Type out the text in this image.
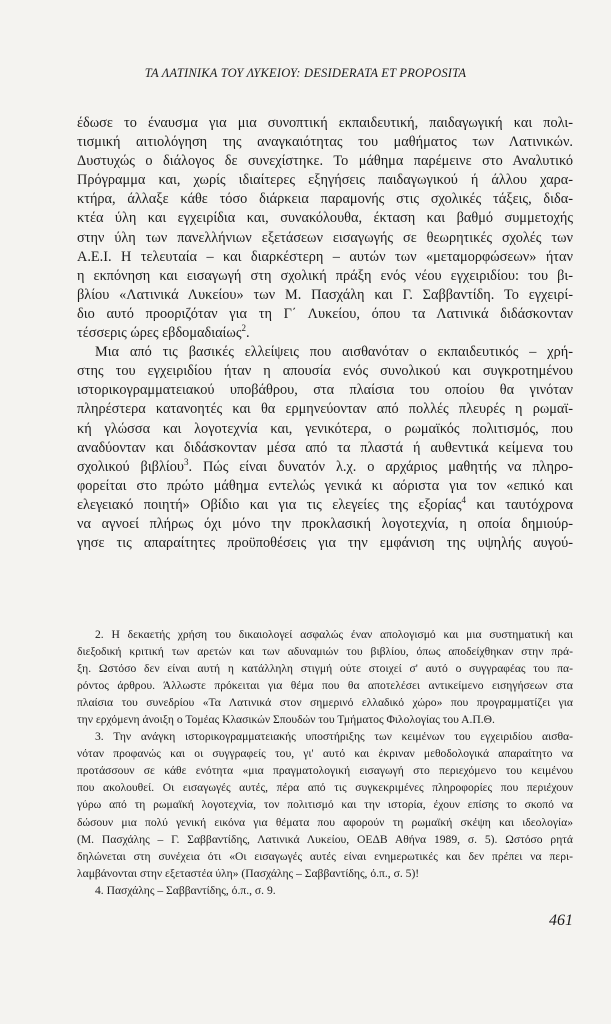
ΤΑ ΛΑΤΙΝΙΚΑ ΤΟΥ ΛΥΚΕΙΟΥ: DESIDERATA ET PROPOSITA
έδωσε το έναυσμα για μια συνοπτική εκπαιδευτική, παιδαγωγική και πολι-
τισμική αιτιολόγηση της αναγκαιότητας του μαθήματος των Λατινικών.
Δυστυχώς ο διάλογος δε συνεχίστηκε. Το μάθημα παρέμεινε στο Αναλυτικό
Πρόγραμμα και, χωρίς ιδιαίτερες εξηγήσεις παιδαγωγικού ή άλλου χαρα-
κτήρα, άλλαξε κάθε τόσο διάρκεια παραμονής στις σχολικές τάξεις, διδα-
κτέα ύλη και εγχειρίδια και, συνακόλουθα, έκταση και βαθμό συμμετοχής
στην ύλη των πανελλήνιων εξετάσεων εισαγωγής σε θεωρητικές σχολές των
Α.Ε.Ι. Η τελευταία – και διαρκέστερη – αυτών των «μεταμορφώσεων» ήταν
η εκπόνηση και εισαγωγή στη σχολική πράξη ενός νέου εγχειριδίου: του βι-
βλίου «Λατινικά Λυκείου» των Μ. Πασχάλη και Γ. Σαββαντίδη. Το εγχειρί-
διο αυτό προοριζόταν για τη Γ΄ Λυκείου, όπου τα Λατινικά διδάσκονταν
τέσσερις ώρες εβδομαδιαίως$^2$.
Μια από τις βασικές ελλείψεις που αισθανόταν ο εκπαιδευτικός – χρή-
στης του εγχειριδίου ήταν η απουσία ενός συνολικού και συγκροτημένου
ιστορικογραμματειακού υποβάθρου, στα πλαίσια του οποίου θα γινόταν
πληρέστερα κατανοητές και θα ερμηνεύονταν από πολλές πλευρές η ρωμαϊ-
κή γλώσσα και λογοτεχνία και, γενικότερα, ο ρωμαϊκός πολιτισμός, που
αναδύονταν και διδάσκονταν μέσα από τα πλαστά ή αυθεντικά κείμενα του
σχολικού βιβλίου$^3$. Πώς είναι δυνατόν λ.χ. ο αρχάριος μαθητής να πληρο-
φορείται στο πρώτο μάθημα εντελώς γενικά κι αόριστα για τον «επικό και
ελεγειακό ποιητή» Οβίδιο και για τις ελεγείες της εξορίας$^4$ και ταυτόχρονα
να αγνοεί πλήρως όχι μόνο την προκλασική λογοτεχνία, η οποία δημιούρ-
γησε τις απαραίτητες προϋποθέσεις για την εμφάνιση της υψηλής αυγού-
2. Η δεκαετής χρήση του δικαιολογεί ασφαλώς έναν απολογισμό και μια συστηματική και
διεξοδική κριτική των αρετών και των αδυναμιών του βιβλίου, όπως αποδείχθηκαν στην πρά-
ξη. Ωστόσο δεν είναι αυτή η κατάλληλη στιγμή ούτε στοιχεί σ' αυτό ο συγγραφέας του πα-
ρόντος άρθρου. Άλλωστε πρόκειται για θέμα που θα αποτελέσει αντικείμενο εισηγήσεων στα
πλαίσια του συνεδρίου «Τα Λατινικά στον σημερινό ελλαδικό χώρο» που προγραμματίζει για
την ερχόμενη άνοιξη ο Τομέας Κλασικών Σπουδών του Τμήματος Φιλολογίας του Α.Π.Θ.
3. Την ανάγκη ιστορικογραμματειακής υποστήριξης των κειμένων του εγχειριδίου αισθα-
νόταν προφανώς και οι συγγραφείς του, γι' αυτό και έκριναν μεθοδολογικά απαραίτητο να
προτάσσουν σε κάθε ενότητα «μια πραγματολογική εισαγωγή στο περιεχόμενο του κειμένου
που ακολουθεί. Οι εισαγωγές αυτές, πέρα από τις συγκεκριμένες πληροφορίες που περιέχουν
γύρω από τη ρωμαϊκή λογοτεχνία, τον πολιτισμό και την ιστορία, έχουν επίσης το σκοπό να
δώσουν μια πολύ γενική εικόνα για θέματα που αφορούν τη ρωμαϊκή σκέψη και ιδεολογία»
(Μ. Πασχάλης – Γ. Σαββαντίδης, Λατινικά Λυκείου, ΟΕΔΒ Αθήνα 1989, σ. 5). Ωστόσο ρητά
δηλώνεται στη συνέχεια ότι «Οι εισαγωγές αυτές είναι ενημερωτικές και δεν πρέπει να περι-
λαμβάνονται στην εξεταστέα ύλη» (Πασχάλης – Σαββαντίδης, ό.π., σ. 5)!
4. Πασχάλης – Σαββαντίδης, ό.π., σ. 9.
461
